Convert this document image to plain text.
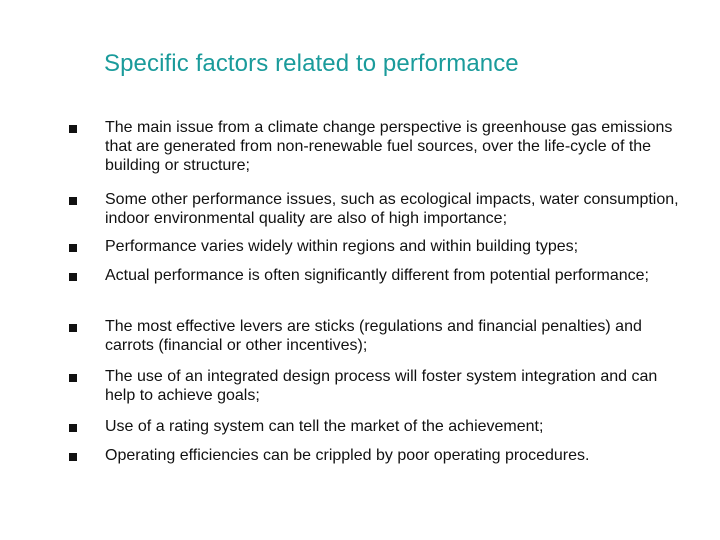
Specific factors related to performance
The main issue from a climate change perspective is greenhouse gas emissions that are generated from non-renewable fuel sources, over the life-cycle of the building or structure;
Some other performance issues, such as ecological impacts, water consumption, indoor environmental quality are also of high importance;
Performance varies widely within regions and within building types;
Actual performance is often significantly different from potential performance;
The most effective levers are sticks (regulations and financial penalties) and carrots (financial or other incentives);
The use of an integrated design process will foster system integration and can help to achieve goals;
Use of a rating system can tell the market of the achievement;
Operating efficiencies can be crippled by poor operating procedures.
